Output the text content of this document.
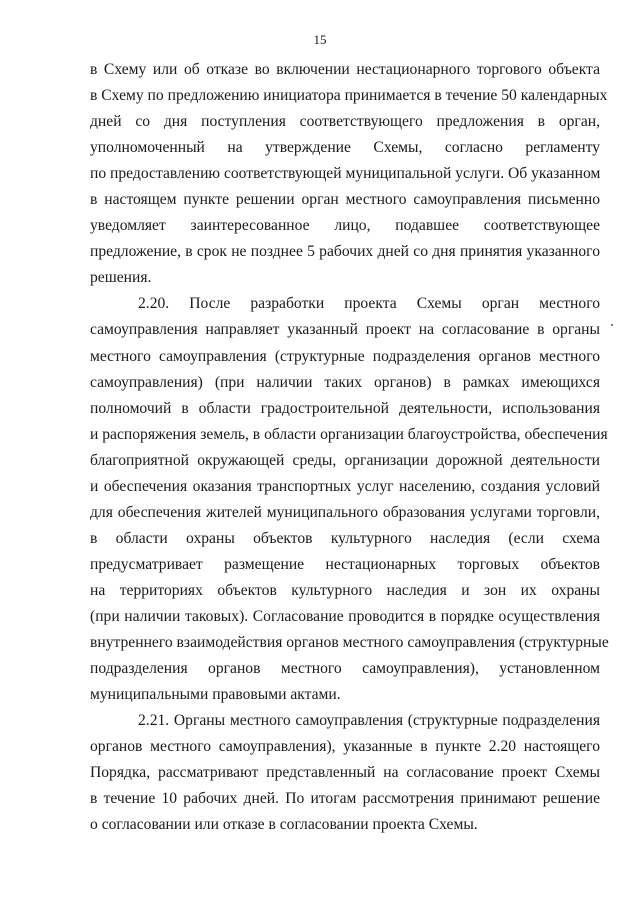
15
в Схему или об отказе во включении нестационарного торгового объекта
в Схему по предложению инициатора принимается в течение 50 календарных
дней со дня поступления соответствующего предложения в орган,
уполномоченный на утверждение Схемы, согласно регламенту
по предоставлению соответствующей муниципальной услуги. Об указанном
в настоящем пункте решении орган местного самоуправления письменно
уведомляет заинтересованное лицо, подавшее соответствующее
предложение, в срок не позднее 5 рабочих дней со дня принятия указанного
решения.
2.20. После разработки проекта Схемы орган местного
самоуправления направляет указанный проект на согласование в органы
местного самоуправления (структурные подразделения органов местного
самоуправления) (при наличии таких органов) в рамках имеющихся
полномочий в области градостроительной деятельности, использования
и распоряжения земель, в области организации благоустройства, обеспечения
благоприятной окружающей среды, организации дорожной деятельности
и обеспечения оказания транспортных услуг населению, создания условий
для обеспечения жителей муниципального образования услугами торговли,
в области охраны объектов культурного наследия (если схема
предусматривает размещение нестационарных торговых объектов
на территориях объектов культурного наследия и зон их охраны
(при наличии таковых). Согласование проводится в порядке осуществления
внутреннего взаимодействия органов местного самоуправления (структурные
подразделения органов местного самоуправления), установленном
муниципальными правовыми актами.
2.21. Органы местного самоуправления (структурные подразделения
органов местного самоуправления), указанные в пункте 2.20 настоящего
Порядка, рассматривают представленный на согласование проект Схемы
в течение 10 рабочих дней. По итогам рассмотрения принимают решение
о согласовании или отказе в согласовании проекта Схемы.
